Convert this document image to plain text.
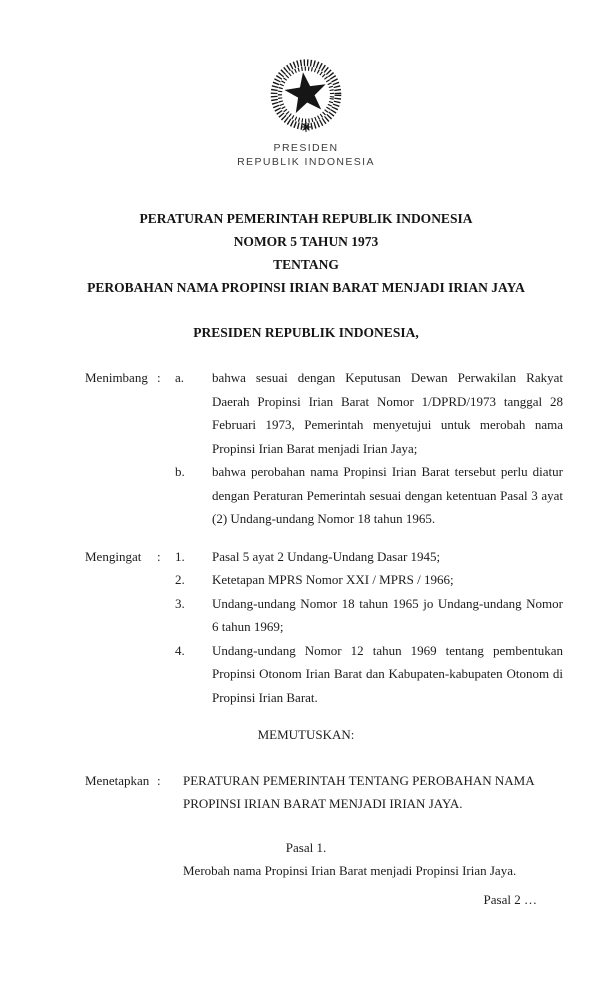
PRESIDEN
REPUBLIK INDONESIA
PERATURAN PEMERINTAH REPUBLIK INDONESIA
NOMOR 5 TAHUN 1973
TENTANG
PEROBAHAN NAMA PROPINSI IRIAN BARAT MENJADI IRIAN JAYA
PRESIDEN REPUBLIK INDONESIA,
Menimbang :	a.	bahwa sesuai dengan Keputusan Dewan Perwakilan Rakyat Daerah Propinsi Irian Barat Nomor 1/DPRD/1973 tanggal 28 Februari 1973, Pemerintah menyetujui untuk merobah nama Propinsi Irian Barat menjadi Irian Jaya;

b.	bahwa perobahan nama Propinsi Irian Barat tersebut perlu diatur dengan Peraturan Pemerintah sesuai dengan ketentuan Pasal 3 ayat (2) Undang-undang Nomor 18 tahun 1965.

Mengingat	:	1.	Pasal 5 ayat 2 Undang-Undang Dasar 1945;

2.	Ketetapan MPRS Nomor XXI / MPRS / 1966;

3.	Undang-undang Nomor 18 tahun 1965 jo Undang-undang Nomor 6 tahun 1969;

4.	Undang-undang Nomor 12 tahun 1969 tentang pembentukan Propinsi Otonom Irian Barat dan Kabupaten-kabupaten Otonom di Propinsi Irian Barat.

MEMUTUSKAN:
Menetapkan :	PERATURAN PEMERINTAH TENTANG PEROBAHAN NAMA PROPINSI IRIAN BARAT MENJADI IRIAN JAYA.

Pasal 1.

Merobah nama Propinsi Irian Barat menjadi Propinsi Irian Jaya.

Pasal 2 …
